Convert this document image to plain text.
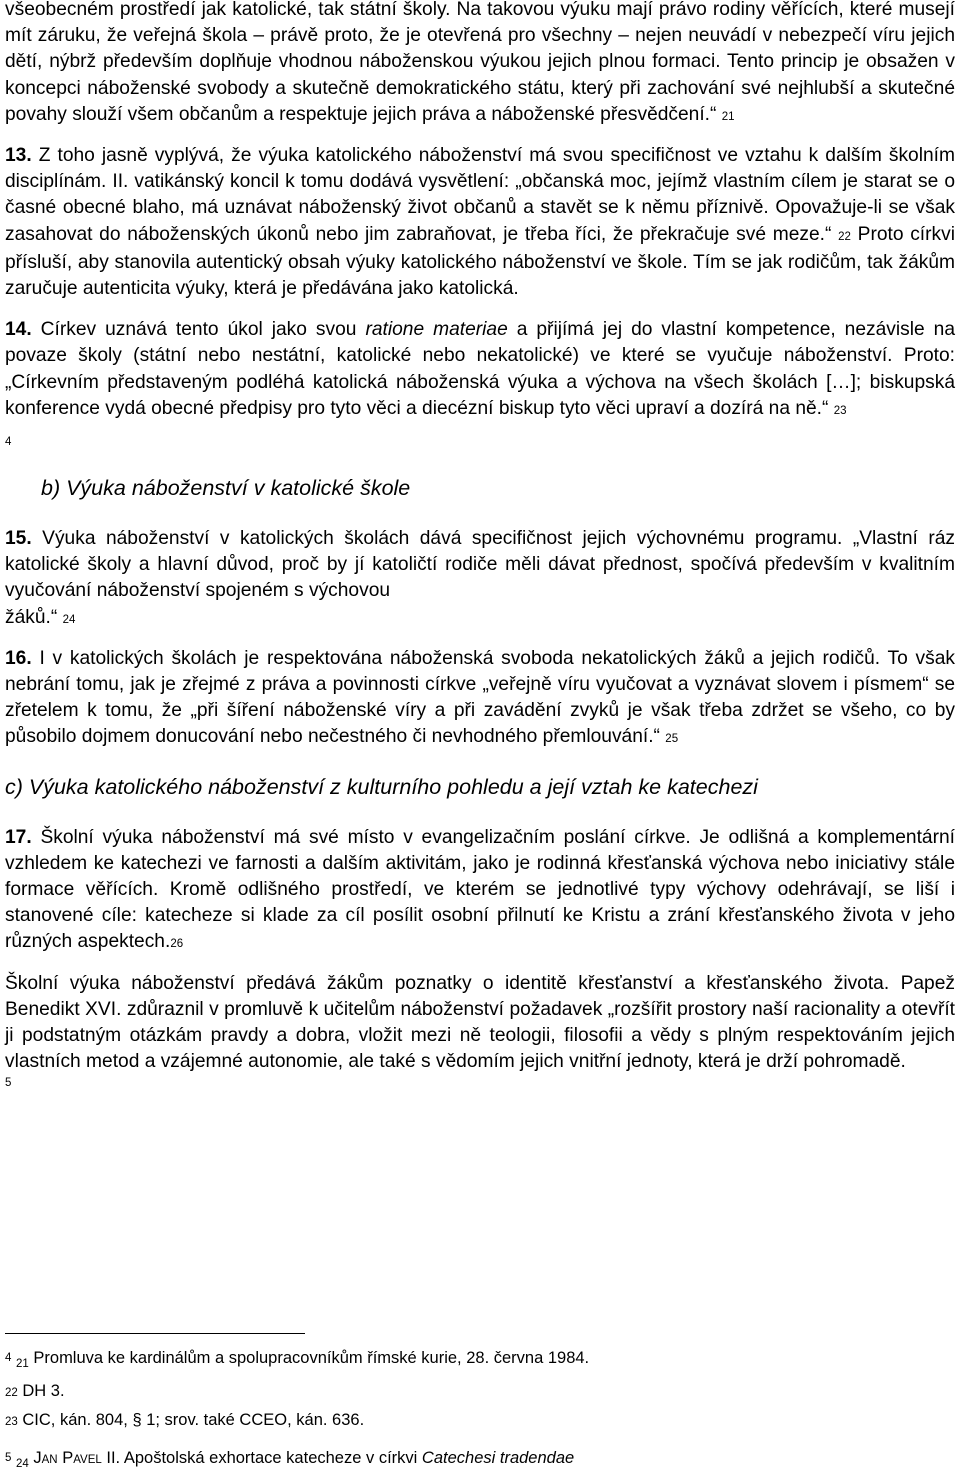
všeobecném prostředí jak katolické, tak státní školy. Na takovou výuku mají právo rodiny věřících, které musejí mít záruku, že veřejná škola – právě proto, že je otevřená pro všechny – nejen neuvádí v nebezpečí víru jejich dětí, nýbrž především doplňuje vhodnou náboženskou výukou jejich plnou formaci. Tento princip je obsažen v koncepci náboženské svobody a skutečně demokratického státu, který při zachování své nejhlubší a skutečné povahy slouží všem občanům a respektuje jejich práva a náboženské přesvědčení.“ 21

13. Z toho jasně vyplývá, že výuka katolického náboženství má svou specifičnost ve vztahu k dalším školním disciplínám. II. vatikánský koncil k tomu dodává vysvětlení: „občanská moc, jejímž vlastním cílem je starat se o časné obecné blaho, má uznávat náboženský život občanů a stavět se k němu příznivě. Opovažuje-li se však zasahovat do náboženských úkonů nebo jim zabraňovat, je třeba říci, že překračuje své meze.“ 22 Proto církvi přísluší, aby stanovila autentický obsah výuky katolického náboženství ve škole. Tím se jak rodičům, tak žákům zaručuje autenticita výuky, která je předávána jako katolická.

14. Církev uznává tento úkol jako svou ratione materiae a přijímá jej do vlastní kompetence, nezávisle na povaze školy (státní nebo nestátní, katolické nebo nekatolické) ve které se vyučuje náboženství. Proto: „Církevním představeným podléhá katolická náboženská výuka a výchova na všech školách […]; biskupská konference vydá obecné předpisy pro tyto věci a diecézní biskup tyto věci upraví a dozírá na ně.“ 23

4

b) Výuka náboženství v katolické škole

15. Výuka náboženství v katolických školách dává specifičnost jejich výchovnému programu. „Vlastní ráz katolické školy a hlavní důvod, proč by jí katoličtí rodiče měli dávat přednost, spočívá především v kvalitním vyučování náboženství spojeném s výchovou
žáků.“ 24

16. I v katolických školách je respektována náboženská svoboda nekatolických žáků a jejich rodičů. To však nebrání tomu, jak je zřejmé z práva a povinnosti církve „veřejně víru vyučovat a vyznávat slovem i písmem“ se zřetelem k tomu, že „při šíření náboženské víry a při zavádění zvyků je však třeba zdržet se všeho, co by působilo dojmem donucování nebo nečestného či nevhodného přemlouvání.“ 25

c) Výuka katolického náboženství z kulturního pohledu a její vztah ke katechezi

17. Školní výuka náboženství má své místo v evangelizačním poslání církve. Je odlišná a komplementární vzhledem ke katechezi ve farnosti a dalším aktivitám, jako je rodinná křesťanská výchova nebo iniciativy stále formace věřících. Kromě odlišného prostředí, ve kterém se jednotlivé typy výchovy odehrávají, se liší i stanovené cíle: katecheze si klade za cíl posílit osobní přilnutí ke Kristu a zrání křesťanského života v jeho různých aspektech.26

Školní výuka náboženství předává žákům poznatky o identitě křesťanství a křesťanského života. Papež Benedikt XVI. zdůraznil v promluvě k učitelům náboženství požadavek „rozšířit prostory naší racionality a otevřít ji podstatným otázkám pravdy a dobra, vložit mezi ně teologii, filosofii a vědy s plným respektováním jejich vlastních metod a vzájemné autonomie, ale také s vědomím jejich vnitřní jednoty, která je drží pohromadě.

5
$^4$ $_{21}$ Promluva ke kardinálům a spolupracovníkům římské kurie, 28. června 1984.
22 DH 3.
23 CIC, kán. 804, § 1; srov. také CCEO, kán. 636.
$^5$ $_{24}$ JAN PAVEL II. Apoštolská exhortace katecheze v církvi Catechesi tradendae
